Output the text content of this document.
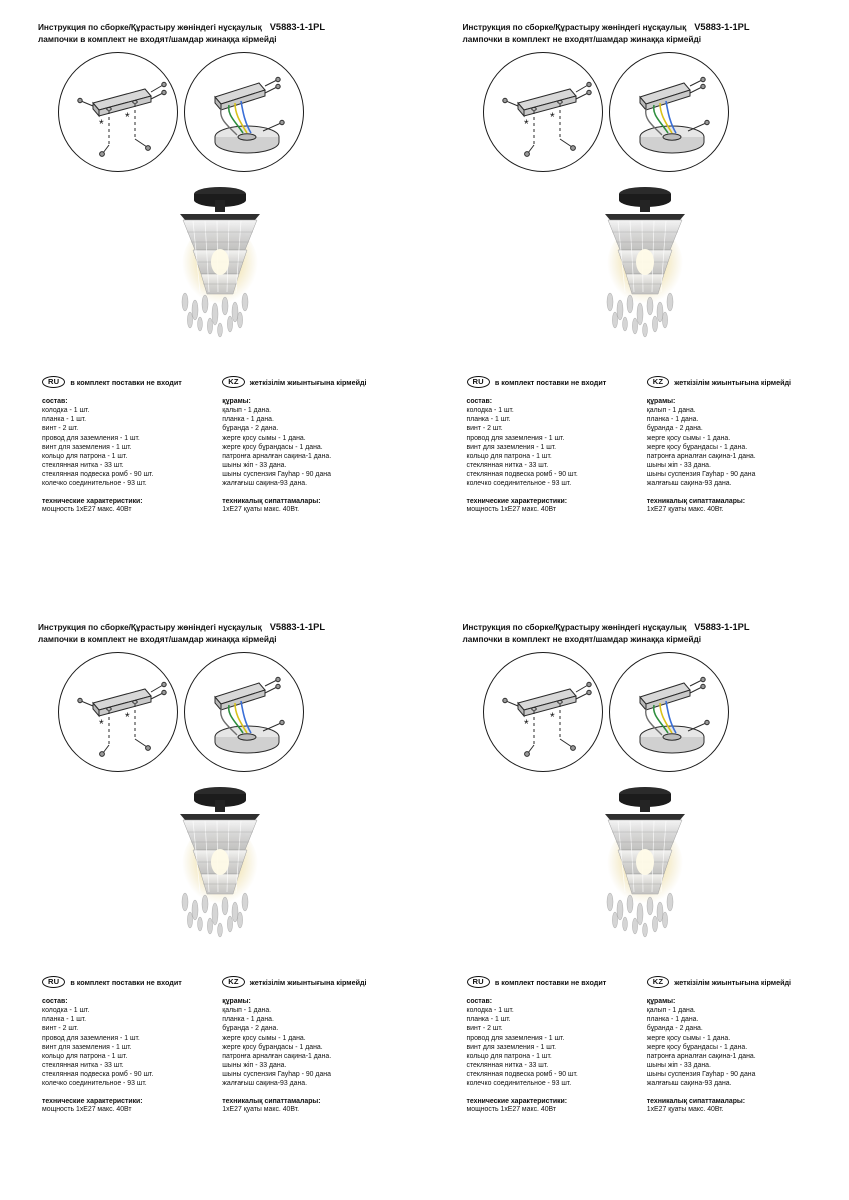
Инструкция по сборке/Құрастыру жөніндегі нұсқаулық V5883-1-1PL
лампочки в комплект не входят/шамдар жинаққа кірмейді
* *
RU	в комплект поставки не входит	KZ	жеткізілім жиынтығына кірмейді
состав:
колодка - 1 шт.
планка - 1 шт.
винт - 2 шт.
провод для заземления - 1 шт.
винт для заземления - 1 шт.
кольцо для патрона - 1 шт.
стеклянная нитка - 33 шт.
стеклянная подвеска ромб - 90 шт.
колечко соединительное - 93 шт.
технические характеристики:
мощность 1хЕ27 макс. 40Вт
құрамы:
қалып - 1 дана.
планка - 1 дана.
бұранда - 2 дана.
жерге қосу сымы - 1 дана.
жерге қосу бұрандасы - 1 дана.
патронға арналған сақина-1 дана.
шыны жіп - 33 дана.
шыны суспензия Гауһар - 90 дана
жалғағыш сақина-93 дана.
техникалық сипаттамалары:
1хЕ27 қуаты макс. 40Вт.
Инструкция по сборке/Құрастыру жөніндегі нұсқаулық V5883-1-1PL
лампочки в комплект не входят/шамдар жинаққа кірмейді
* *
RU	в комплект поставки не входит	KZ	жеткізілім жиынтығына кірмейді
состав:
колодка - 1 шт.
планка - 1 шт.
винт - 2 шт.
провод для заземления - 1 шт.
винт для заземления - 1 шт.
кольцо для патрона - 1 шт.
стеклянная нитка - 33 шт.
стеклянная подвеска ромб - 90 шт.
колечко соединительное - 93 шт.
технические характеристики:
мощность 1хЕ27 макс. 40Вт
құрамы:
қалып - 1 дана.
планка - 1 дана.
бұранда - 2 дана.
жерге қосу сымы - 1 дана.
жерге қосу бұрандасы - 1 дана.
патронға арналған сақина-1 дана.
шыны жіп - 33 дана.
шыны суспензия Гауһар - 90 дана
жалғағыш сақина-93 дана.
техникалық сипаттамалары:
1хЕ27 қуаты макс. 40Вт.
Инструкция по сборке/Құрастыру жөніндегі нұсқаулық V5883-1-1PL
лампочки в комплект не входят/шамдар жинаққа кірмейді
* *
RU	в комплект поставки не входит	KZ	жеткізілім жиынтығына кірмейді
состав:
колодка - 1 шт.
планка - 1 шт.
винт - 2 шт.
провод для заземления - 1 шт.
винт для заземления - 1 шт.
кольцо для патрона - 1 шт.
стеклянная нитка - 33 шт.
стеклянная подвеска ромб - 90 шт.
колечко соединительное - 93 шт.
технические характеристики:
мощность 1хЕ27 макс. 40Вт
құрамы:
қалып - 1 дана.
планка - 1 дана.
бұранда - 2 дана.
жерге қосу сымы - 1 дана.
жерге қосу бұрандасы - 1 дана.
патронға арналған сақина-1 дана.
шыны жіп - 33 дана.
шыны суспензия Гауһар - 90 дана
жалғағыш сақина-93 дана.
техникалық сипаттамалары:
1хЕ27 қуаты макс. 40Вт.
Инструкция по сборке/Құрастыру жөніндегі нұсқаулық V5883-1-1PL
лампочки в комплект не входят/шамдар жинаққа кірмейді
* *
RU	в комплект поставки не входит	KZ	жеткізілім жиынтығына кірмейді
состав:
колодка - 1 шт.
планка - 1 шт.
винт - 2 шт.
провод для заземления - 1 шт.
винт для заземления - 1 шт.
кольцо для патрона - 1 шт.
стеклянная нитка - 33 шт.
стеклянная подвеска ромб - 90 шт.
колечко соединительное - 93 шт.
технические характеристики:
мощность 1хЕ27 макс. 40Вт
құрамы:
қалып - 1 дана.
планка - 1 дана.
бұранда - 2 дана.
жерге қосу сымы - 1 дана.
жерге қосу бұрандасы - 1 дана.
патронға арналған сақина-1 дана.
шыны жіп - 33 дана.
шыны суспензия Гауһар - 90 дана
жалғағыш сақина-93 дана.
техникалық сипаттамалары:
1хЕ27 қуаты макс. 40Вт.
